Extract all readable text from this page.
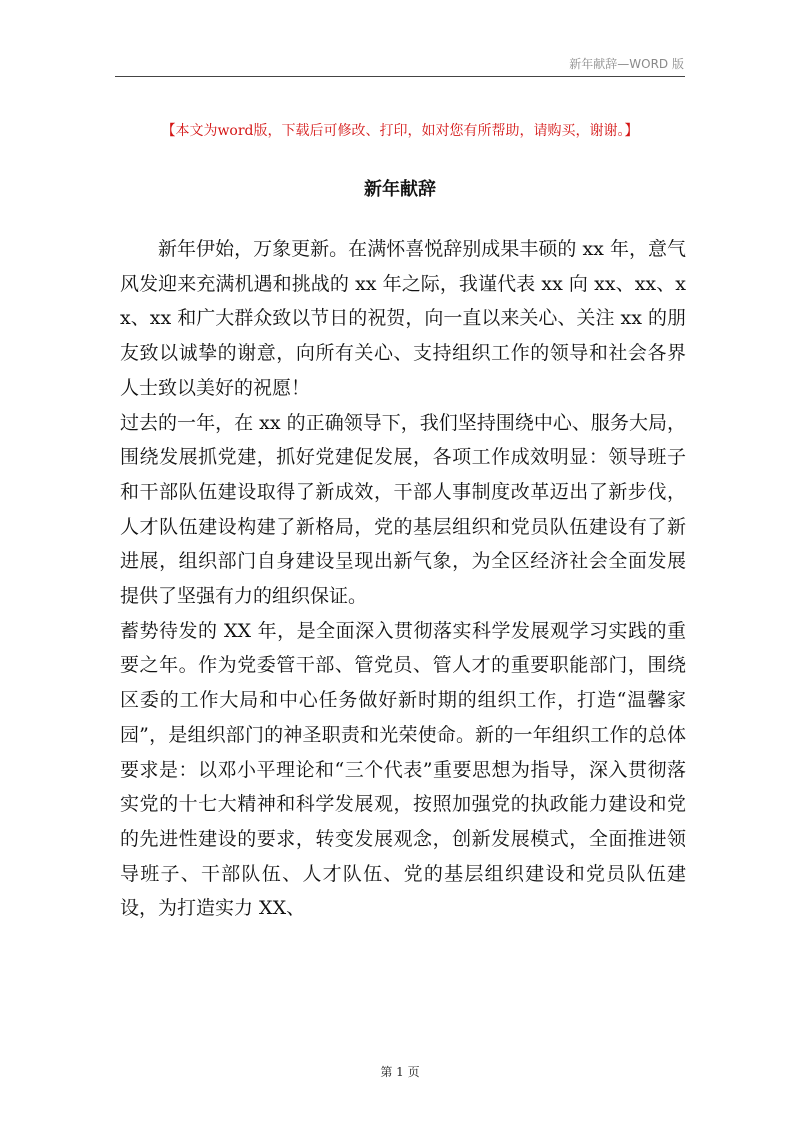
新年献辞—WORD 版
【本文为word版，下载后可修改、打印，如对您有所帮助，请购买，谢谢。】
新年献辞

新年伊始，万象更新。在满怀喜悦辞别成果丰硕的 xx 年，意气风发迎来充满机遇和挑战的 xx 年之际，我谨代表 xx 向 xx、xx、xx、xx 和广大群众致以节日的祝贺，向一直以来关心、关注 xx 的朋友致以诚挚的谢意，向所有关心、支持组织工作的领导和社会各界人士致以美好的祝愿！

过去的一年，在 xx 的正确领导下，我们坚持围绕中心、服务大局，围绕发展抓党建，抓好党建促发展，各项工作成效明显：领导班子和干部队伍建设取得了新成效，干部人事制度改革迈出了新步伐，人才队伍建设构建了新格局，党的基层组织和党员队伍建设有了新进展，组织部门自身建设呈现出新气象，为全区经济社会全面发展提供了坚强有力的组织保证。

蓄势待发的 XX 年，是全面深入贯彻落实科学发展观学习实践的重要之年。作为党委管干部、管党员、管人才的重要职能部门，围绕区委的工作大局和中心任务做好新时期的组织工作，打造“温馨家园”，是组织部门的神圣职责和光荣使命。新的一年组织工作的总体要求是：以邓小平理论和“三个代表”重要思想为指导，深入贯彻落实党的十七大精神和科学发展观，按照加强党的执政能力建设和党的先进性建设的要求，转变发展观念，创新发展模式，全面推进领导班子、干部队伍、人才队伍、党的基层组织建设和党员队伍建设，为打造实力 XX、

第 1 页
